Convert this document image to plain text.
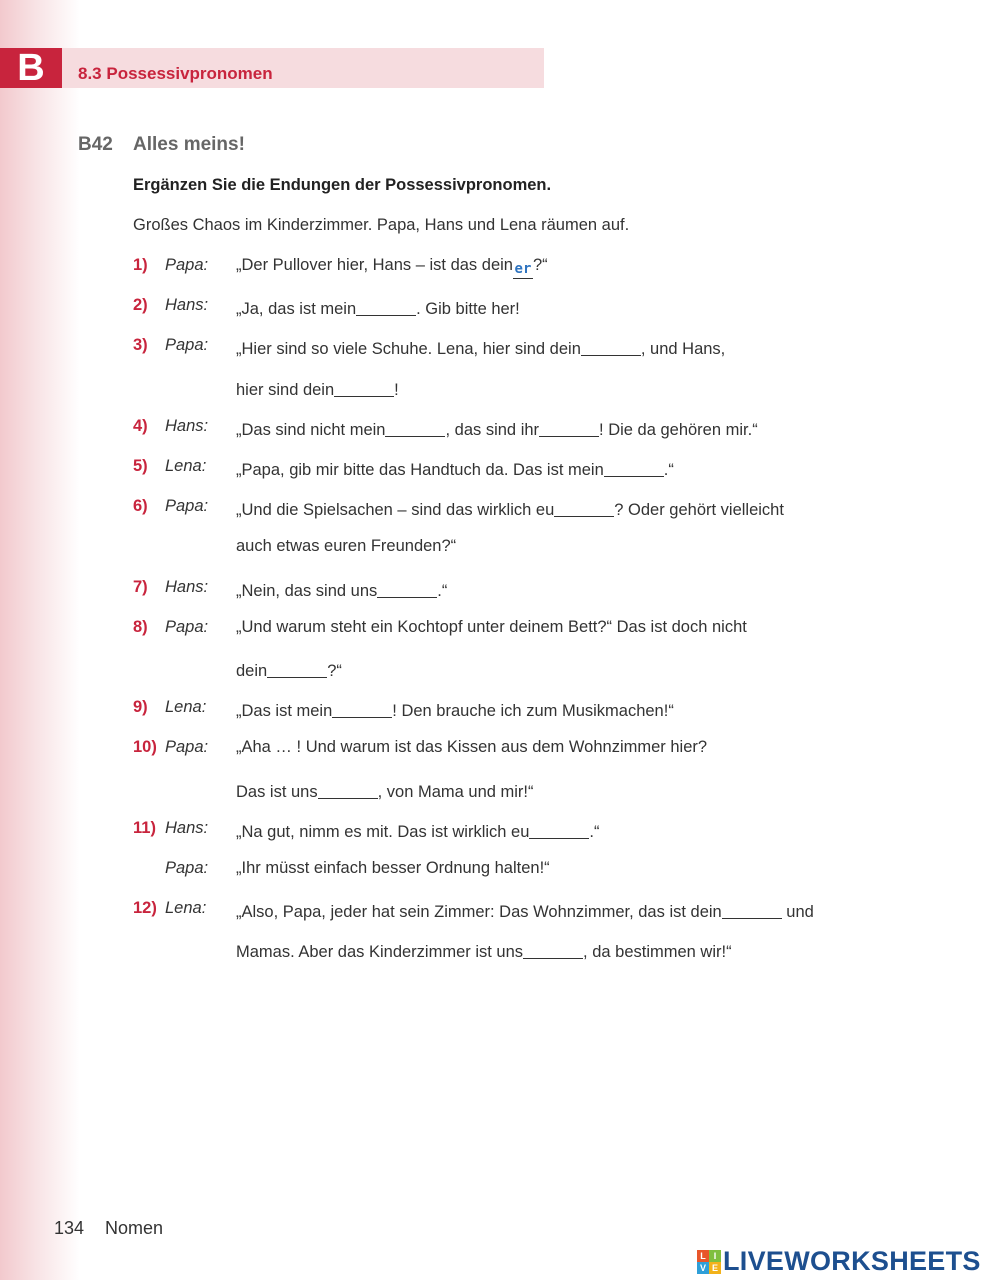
B	8.3 Possessivpronomen
B42 Alles meins!
Ergänzen Sie die Endungen der Possessivpronomen.
Großes Chaos im Kinderzimmer. Papa, Hans und Lena räumen auf.
1) Papa: „Der Pullover hier, Hans – ist das dein er?“
2) Hans: „Ja, das ist mein	. Gib bitte her!
3) Papa: „Hier sind so viele Schuhe. Lena, hier sind dein	, und Hans,
hier sind dein	!
4) Hans: „Das sind nicht mein	, das sind ihr	! Die da gehören mir.“
5) Lena: „Papa, gib mir bitte das Handtuch da. Das ist mein	.“
6) Papa: „Und die Spielsachen – sind das wirklich eu	? Oder gehört vielleicht
auch etwas euren Freunden?“
7) Hans: „Nein, das sind uns	.“
8) Papa: „Und warum steht ein Kochtopf unter deinem Bett?“ Das ist doch nicht
dein	?“
9) Lena: „Das ist mein	! Den brauche ich zum Musikmachen!“
10) Papa: „Aha … ! Und warum ist das Kissen aus dem Wohnzimmer hier?
Das ist uns	, von Mama und mir!“
11) Hans: „Na gut, nimm es mit. Das ist wirklich eu	.“
Papa: „Ihr müsst einfach besser Ordnung halten!“
12) Lena: „Also, Papa, jeder hat sein Zimmer: Das Wohnzimmer, das ist dein	und
Mamas. Aber das Kinderzimmer ist uns	, da bestimmen wir!“
134 Nomen
L I
V E LIVEWORKSHEETS
